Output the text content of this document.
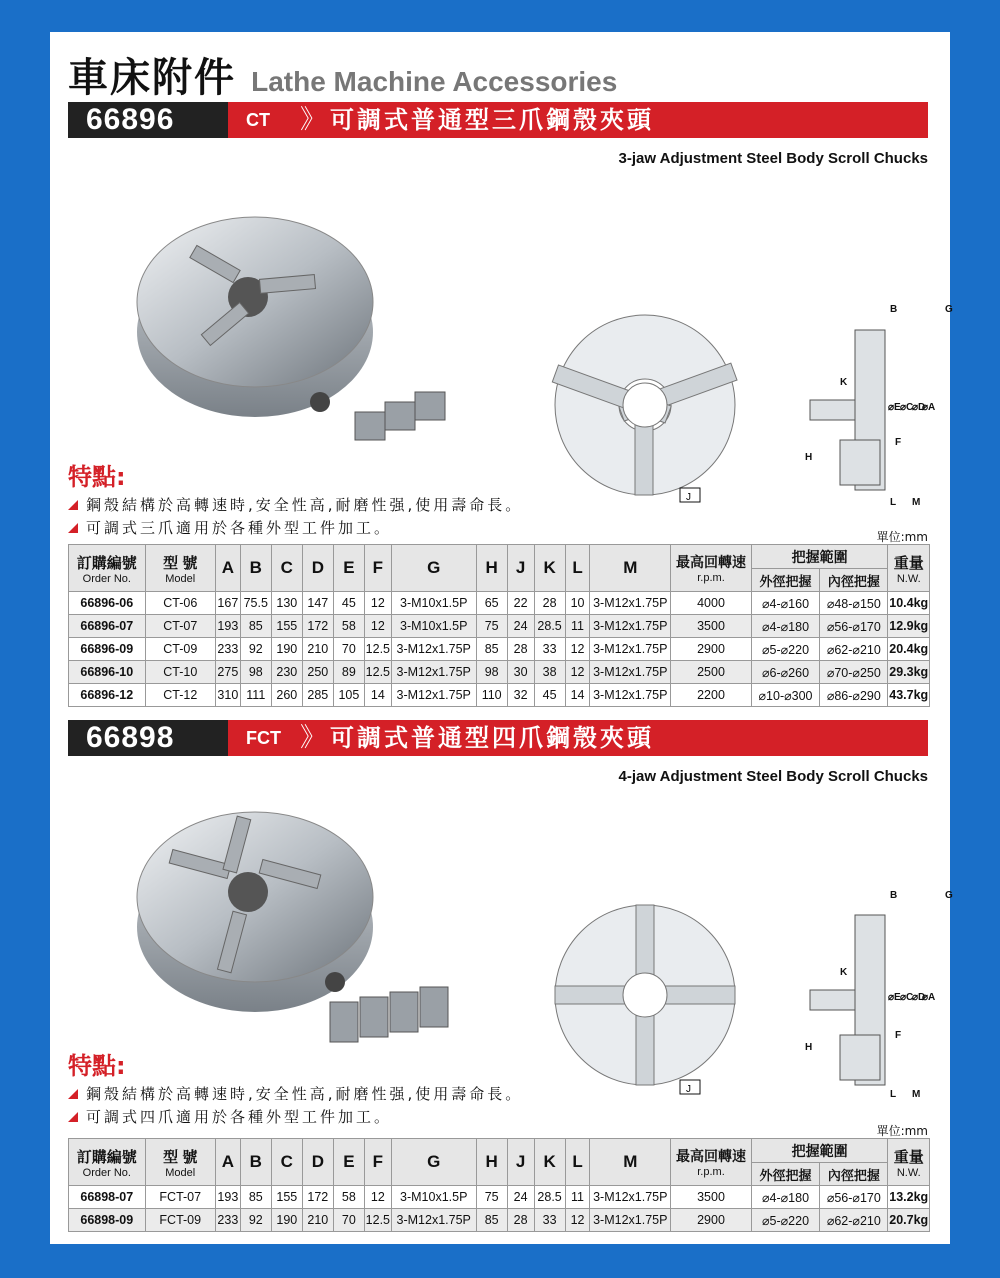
車床附件 Lathe Machine Accessories
66896	CT 》 可調式普通型三爪鋼殼夾頭
3-jaw Adjustment Steel Body Scroll Chucks
J
B	G
K
H
L M
F
⌀E ⌀C
⌀D
⌀A
特點:
鋼殼結構於高轉速時,安全性高,耐磨性强,使用壽命長。
可調式三爪適用於各種外型工件加工。	單位:mm
訂購編號
Order No.	型 號
Model	A	B	C	D	E	F	G	H	J	K	L	M	最高回轉速
r.p.m.	把握範圍		重量
N.W.

															外徑把握	內徑把握	
66896-06	CT-06	167	75.5	130	147	45	12	3-M10x1.5P	65	22	28	10	3-M12x1.75P	4000	⌀4-⌀160	⌀48-⌀150	10.4kg
66896-07	CT-07	193	85	155	172	58	12	3-M10x1.5P	75	24	28.5	11	3-M12x1.75P	3500	⌀4-⌀180	⌀56-⌀170	12.9kg
66896-09	CT-09	233	92	190	210	70	12.5	3-M12x1.75P	85	28	33	12	3-M12x1.75P	2900	⌀5-⌀220	⌀62-⌀210	20.4kg
66896-10	CT-10	275	98	230	250	89	12.5	3-M12x1.75P	98	30	38	12	3-M12x1.75P	2500	⌀6-⌀260	⌀70-⌀250	29.3kg
66896-12	CT-12	310	111	260	285	105	14	3-M12x1.75P	110	32	45	14	3-M12x1.75P	2200	⌀10-⌀300	⌀86-⌀290	43.7kg
66898	FCT 》 可調式普通型四爪鋼殼夾頭
4-jaw Adjustment Steel Body Scroll Chucks
J
B	G
K
H
L M
F
⌀E ⌀C
⌀D
⌀A
特點:
鋼殼結構於高轉速時,安全性高,耐磨性强,使用壽命長。
可調式四爪適用於各種外型工件加工。
單位:mm
訂購編號
Order No.	型 號
Model	A	B	C	D	E	F	G	H	J	K	L	M	最高回轉速
r.p.m.	把握範圍		重量
N.W.

															外徑把握	內徑把握	
66898-07	FCT-07	193	85	155	172	58	12	3-M10x1.5P	75	24	28.5	11	3-M12x1.75P	3500	⌀4-⌀180	⌀56-⌀170	13.2kg
66898-09	FCT-09	233	92	190	210	70	12.5	3-M12x1.75P	85	28	33	12	3-M12x1.75P	2900	⌀5-⌀220	⌀62-⌀210	20.7kg
